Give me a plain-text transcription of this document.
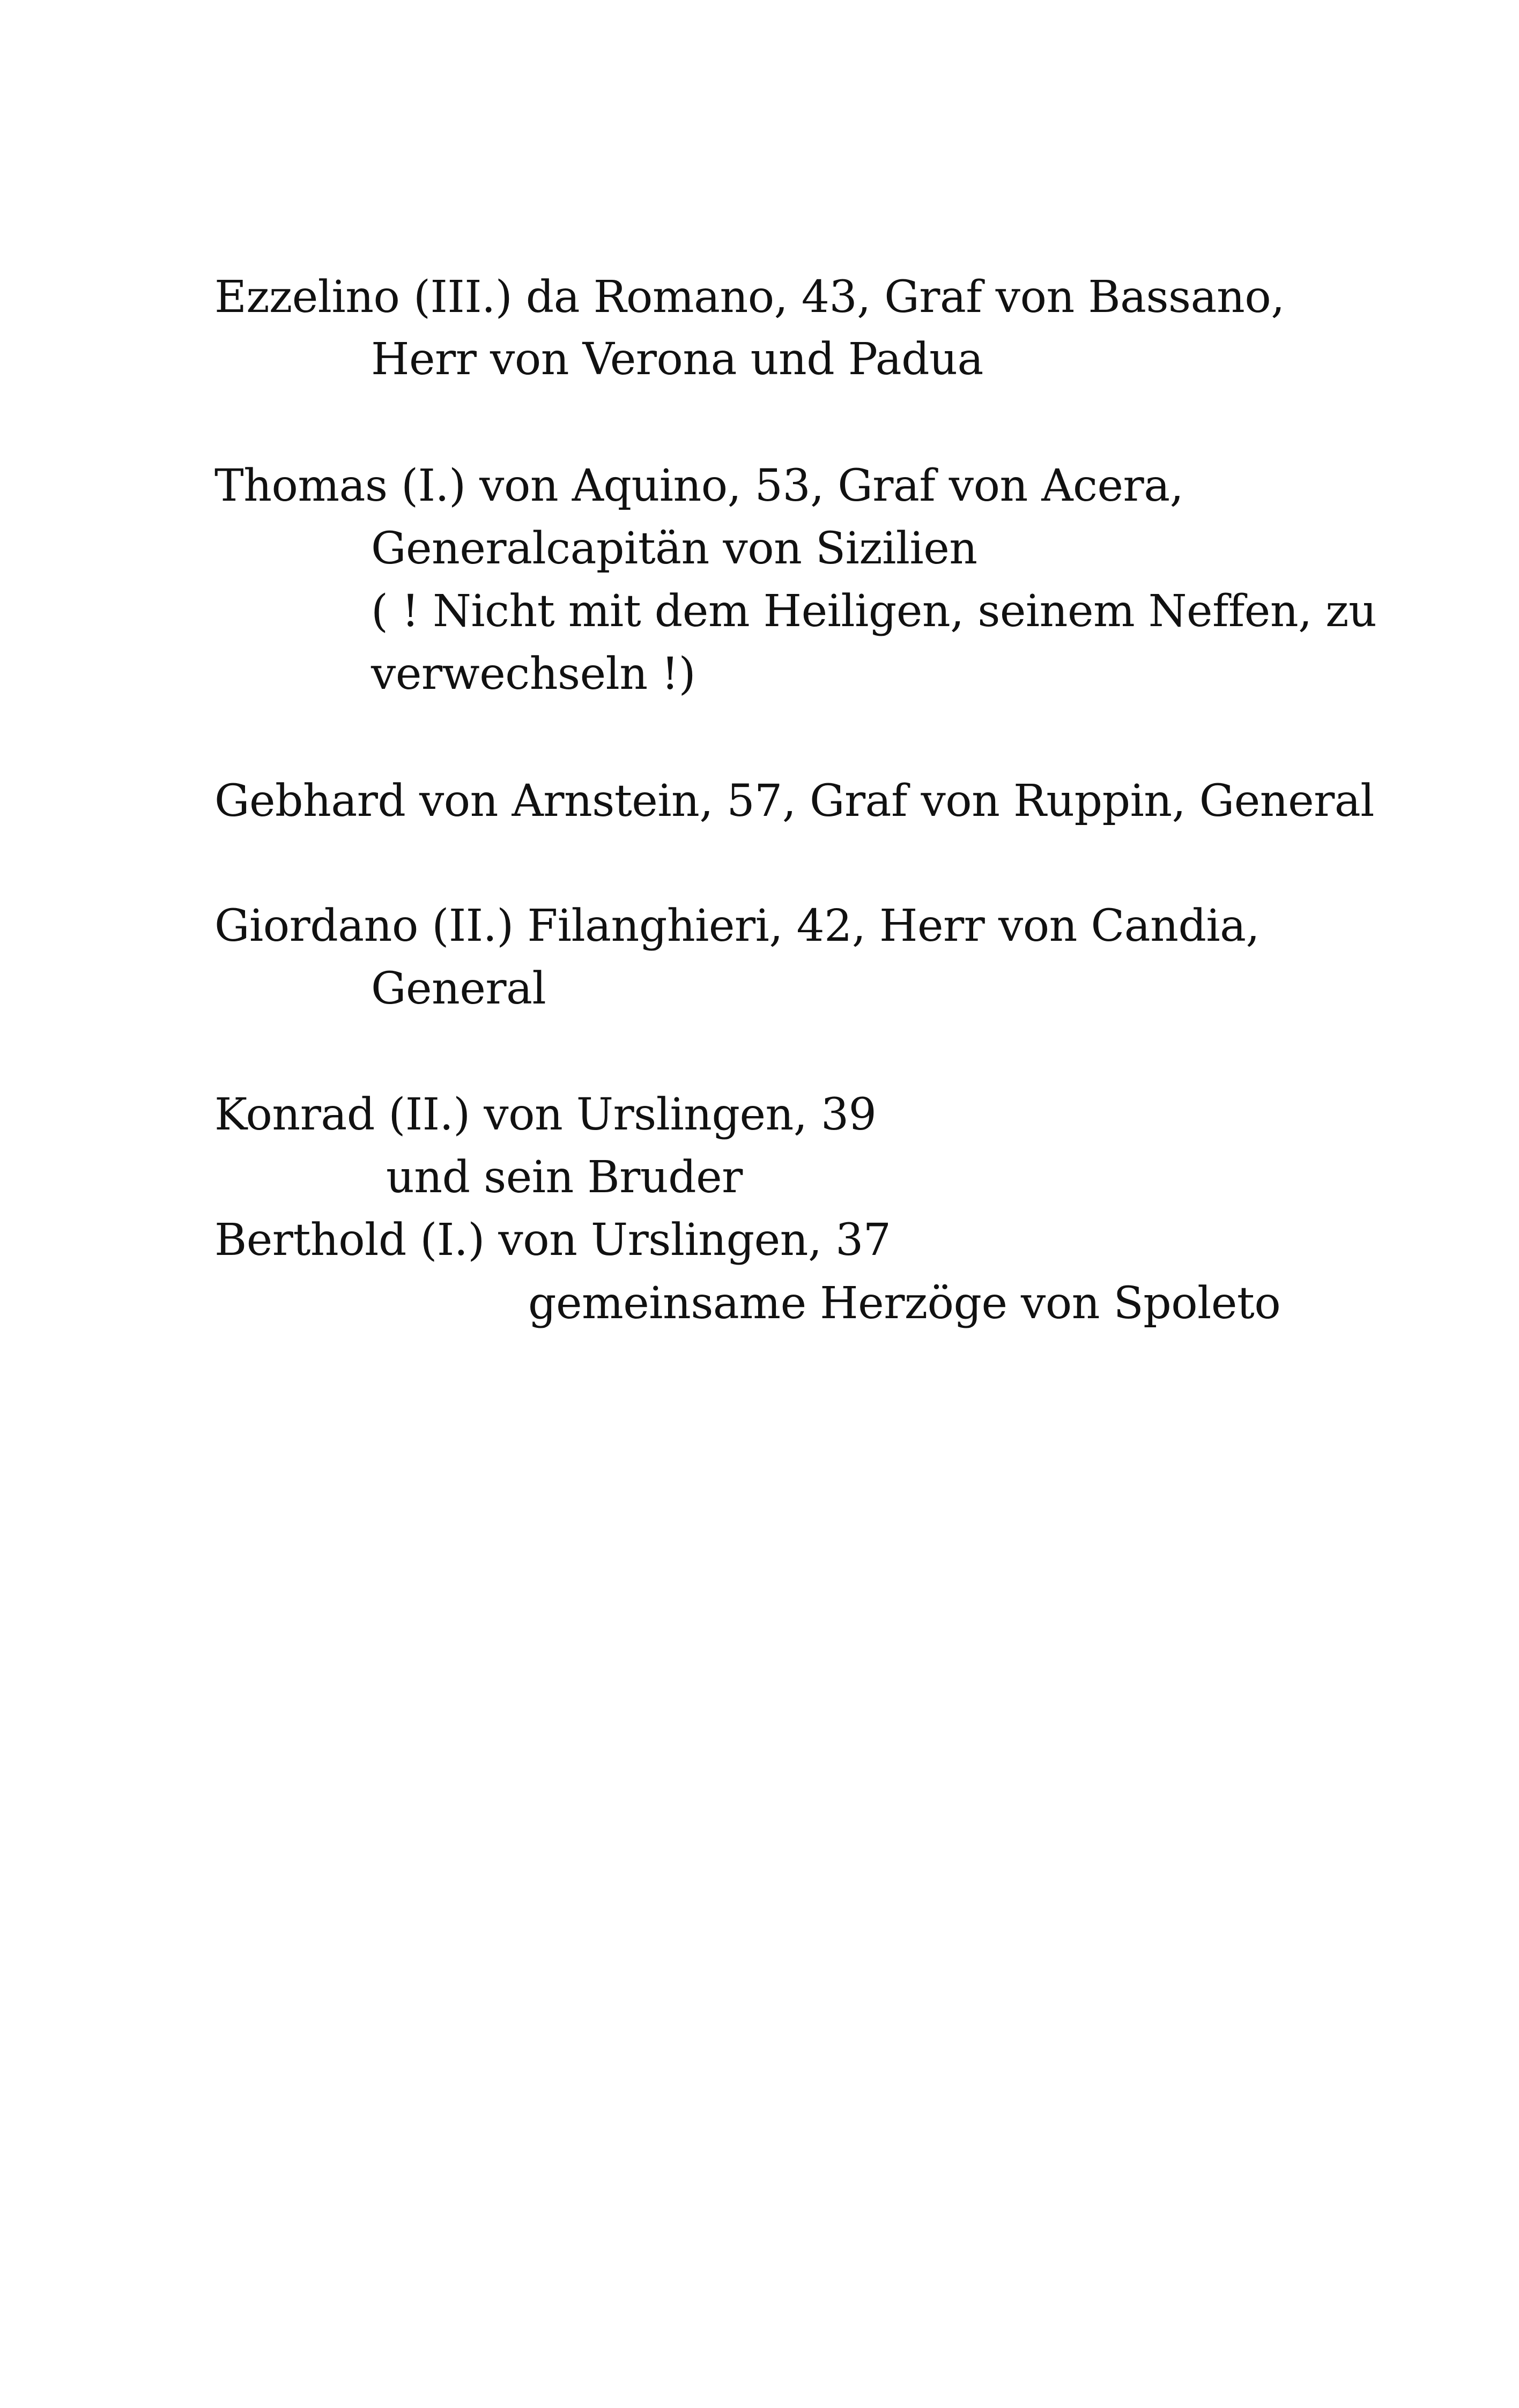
Ezzelino (III.) da Romano, 43, Graf von Bassano,

Herr von Verona und Padua

Thomas (I.) von Aquino, 53, Graf von Acera,

Generalcapitän von Sizilien

( ! Nicht mit dem Heiligen, seinem Neffen, zu

verwechseln !)

Gebhard von Arnstein, 57, Graf von Ruppin, General

Giordano (II.) Filanghieri, 42, Herr von Candia,

General

Konrad (II.) von Urslingen, 39

und sein Bruder

Berthold (I.) von Urslingen, 37

gemeinsame Herzöge von Spoleto
